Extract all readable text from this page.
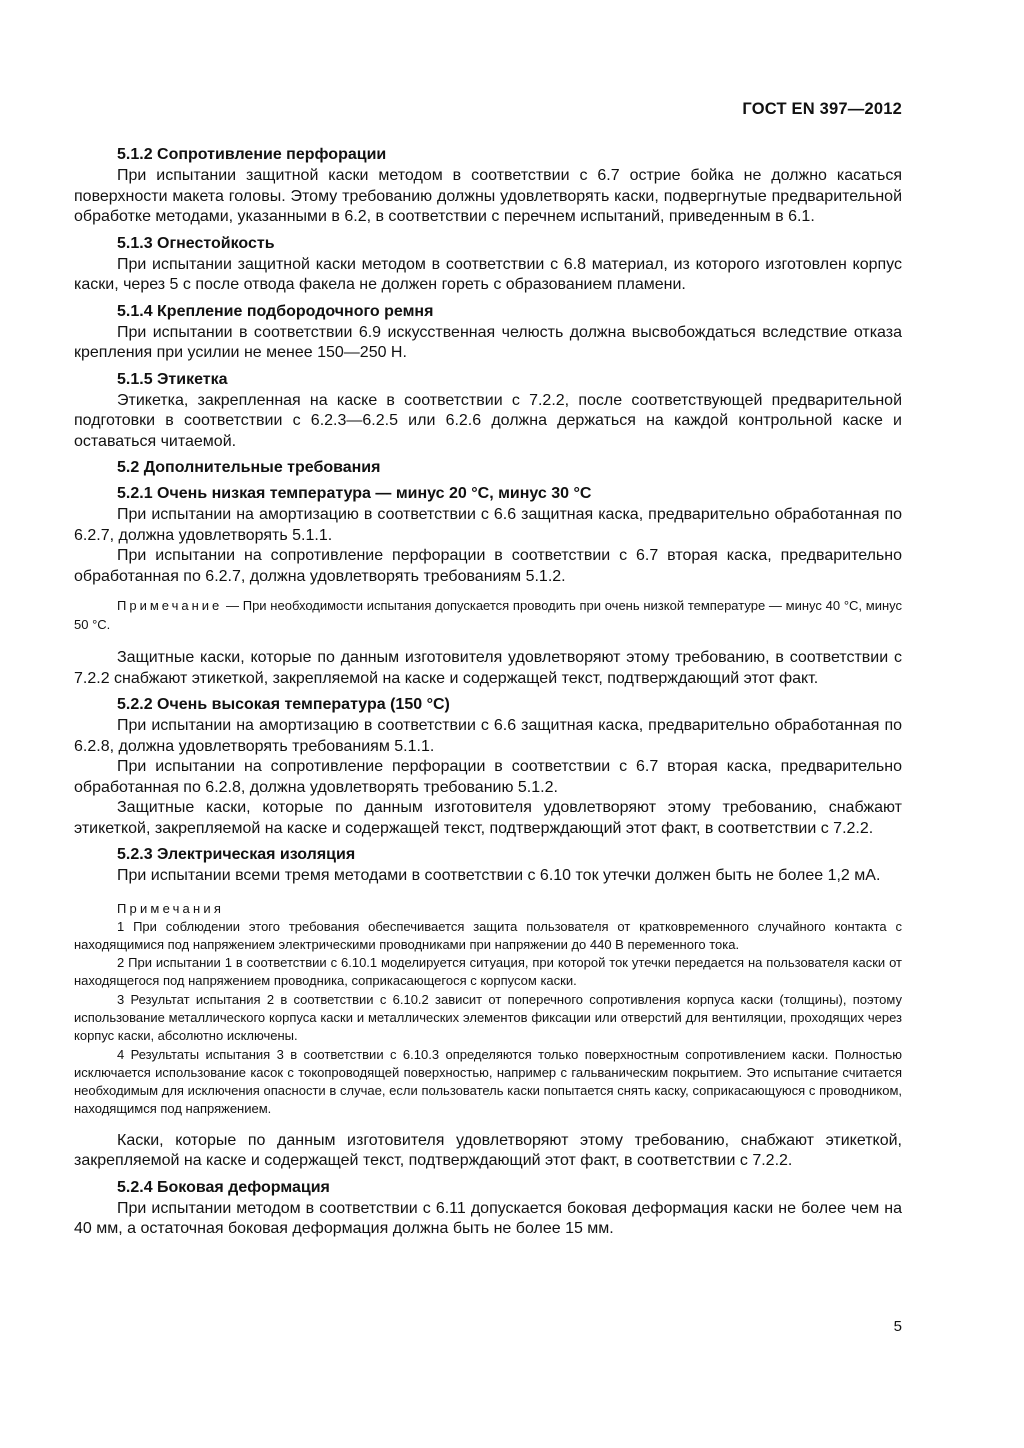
ГОСТ EN 397—2012
5.1.2 Сопротивление перфорации

При испытании защитной каски методом в соответствии с 6.7 острие бойка не должно касаться поверхности макета головы. Этому требованию должны удовлетворять каски, подвергнутые предварительной обработке методами, указанными в 6.2, в соответствии с перечнем испытаний, приведенным в 6.1.

5.1.3 Огнестойкость

При испытании защитной каски методом в соответствии с 6.8 материал, из которого изготовлен корпус каски, через 5 с после отвода факела не должен гореть с образованием пламени.

5.1.4 Крепление подбородочного ремня

При испытании в соответствии 6.9 искусственная челюсть должна высвобождаться вследствие отказа крепления при усилии не менее 150—250 Н.

5.1.5 Этикетка

Этикетка, закрепленная на каске в соответствии с 7.2.2, после соответствующей предварительной подготовки в соответствии с 6.2.3—6.2.5 или 6.2.6 должна держаться на каждой контрольной каске и оставаться читаемой.

5.2 Дополнительные требования
5.2.1 Очень низкая температура — минус 20 °С, минус 30 °С

При испытании на амортизацию в соответствии с 6.6 защитная каска, предварительно обработанная по 6.2.7, должна удовлетворять 5.1.1.

При испытании на сопротивление перфорации в соответствии с 6.7 вторая каска, предварительно обработанная по 6.2.7, должна удовлетворять требованиям 5.1.2.

Примечание — При необходимости испытания допускается проводить при очень низкой температуре — минус 40 °С, минус 50 °С.

Защитные каски, которые по данным изготовителя удовлетворяют этому требованию, в соответствии с 7.2.2 снабжают этикеткой, закрепляемой на каске и содержащей текст, подтверждающий этот факт.

5.2.2 Очень высокая температура (150 °С)

При испытании на амортизацию в соответствии с 6.6 защитная каска, предварительно обработанная по 6.2.8, должна удовлетворять требованиям 5.1.1.

При испытании на сопротивление перфорации в соответствии с 6.7 вторая каска, предварительно обработанная по 6.2.8, должна удовлетворять требованию 5.1.2.

Защитные каски, которые по данным изготовителя удовлетворяют этому требованию, снабжают этикеткой, закрепляемой на каске и содержащей текст, подтверждающий этот факт, в соответствии с 7.2.2.

5.2.3 Электрическая изоляция

При испытании всеми тремя методами в соответствии с 6.10 ток утечки должен быть не более 1,2 мА.

Примечания

1 При соблюдении этого требования обеспечивается защита пользователя от кратковременного случайного контакта с находящимися под напряжением электрическими проводниками при напряжении до 440 В переменного тока.

2 При испытании 1 в соответствии с 6.10.1 моделируется ситуация, при которой ток утечки передается на пользователя каски от находящегося под напряжением проводника, соприкасающегося с корпусом каски.

3 Результат испытания 2 в соответствии с 6.10.2 зависит от поперечного сопротивления корпуса каски (толщины), поэтому использование металлического корпуса каски и металлических элементов фиксации или отверстий для вентиляции, проходящих через корпус каски, абсолютно исключены.

4 Результаты испытания 3 в соответствии с 6.10.3 определяются только поверхностным сопротивлением каски. Полностью исключается использование касок с токопроводящей поверхностью, например с гальваническим покрытием. Это испытание считается необходимым для исключения опасности в случае, если пользователь каски попытается снять каску, соприкасающуюся с проводником, находящимся под напряжением.

Каски, которые по данным изготовителя удовлетворяют этому требованию, снабжают этикеткой, закрепляемой на каске и содержащей текст, подтверждающий этот факт, в соответствии с 7.2.2.

5.2.4 Боковая деформация

При испытании методом в соответствии с 6.11 допускается боковая деформация каски не более чем на 40 мм, а остаточная боковая деформация должна быть не более 15 мм.

5
